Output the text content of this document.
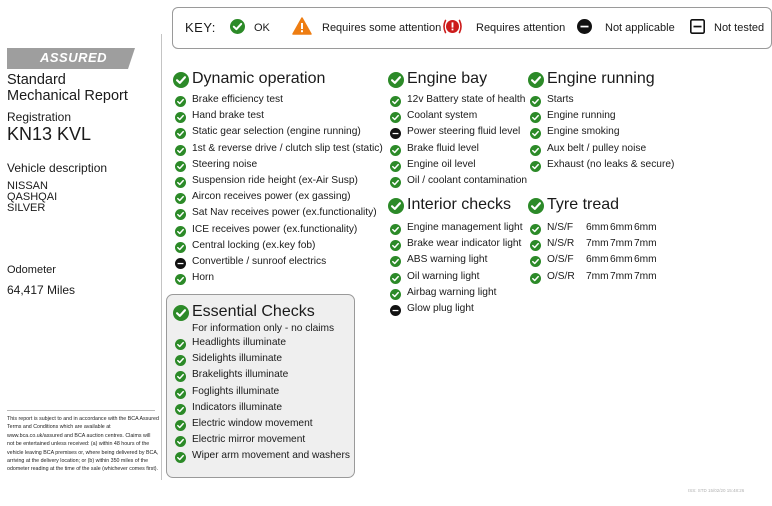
KEY:	OK	Requires some attention	Requires attention	Not applicable	Not tested
ASSURED
Standard
Mechanical Report
Registration
KN13 KVL
Vehicle description
NISSAN
QASHQAI
SILVER
Odometer
64,417 Miles
This report is subject to and in accordance with the BCA Assured Terms and Conditions which are available at www.bca.co.uk/assured and BCA auction centres. Claims will not be entertained unless received: (a) within 48 hours of the vehicle leaving BCA premises or, where being delivered by BCA, arriving at the delivery location; or (b) within 350 miles of the odometer reading at the time of the sale (whichever comes first).
For information only - no claims
Dynamic operation
Brake efficiency test
Hand brake test
Static gear selection (engine running)
1st & reverse drive / clutch slip test (static)
Steering noise
Suspension ride height (ex-Air Susp)
Aircon receives power (ex gassing)
Sat Nav receives power (ex.functionality)
ICE receives power (ex.functionality)
Central locking (ex.key fob)
Convertible / sunroof electrics
Horn
Essential Checks
Headlights illuminate
Sidelights illuminate
Brakelights illuminate
Foglights illuminate
Indicators illuminate
Electric window movement
Electric mirror movement
Wiper arm movement and washers
Engine bay
12v Battery state of health
Coolant system
Power steering fluid level
Brake fluid level
Engine oil level
Oil / coolant contamination
Interior checks
Engine management light
Brake wear indicator light
ABS warning light
Oil warning light
Airbag warning light
Glow plug light
Engine running
Starts
Engine running
Engine smoking
Aux belt / pulley noise
Exhaust (no leaks & secure)
Tyre tread
N/S/F 6mm 6mm 6mm
N/S/R 7mm 7mm 7mm
O/S/F 6mm 6mm 6mm
O/S/R 7mm 7mm 7mm
ISS: STD 15/02/20 15:48:26
